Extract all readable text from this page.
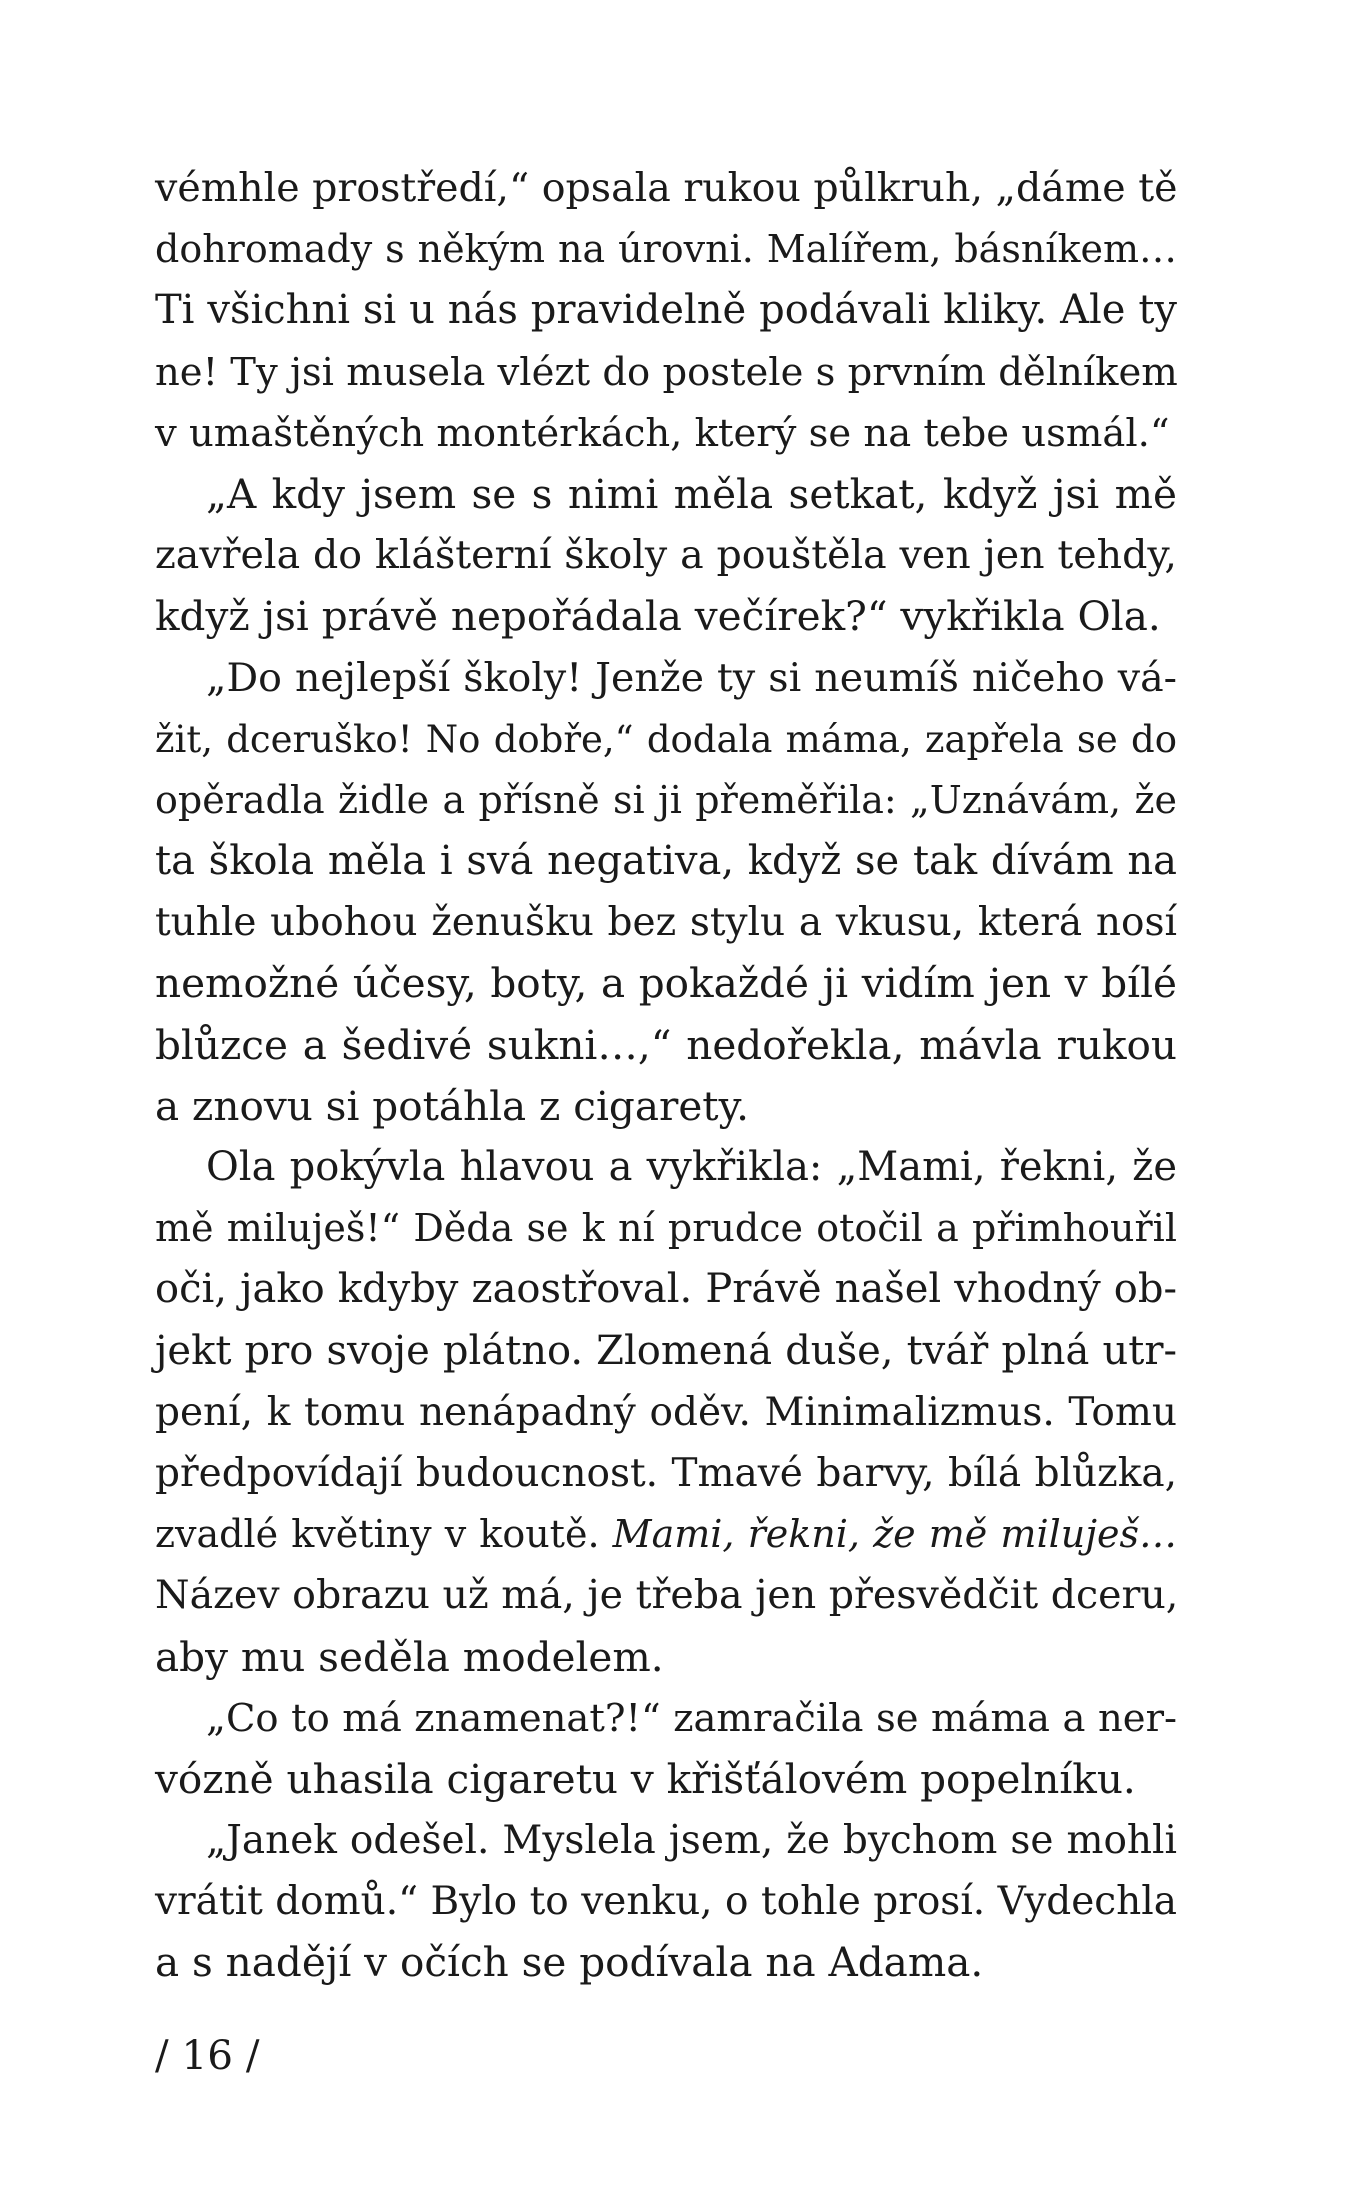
vémhle prostředí,“ opsala rukou půlkruh, „dáme tě
dohromady s někým na úrovni. Malířem, básníkem…
Ti všichni si u nás pravidelně podávali kliky. Ale ty
ne! Ty jsi musela vlézt do postele s prvním dělníkem
v umaštěných montérkách, který se na tebe usmál.“
„A kdy jsem se s nimi měla setkat, když jsi mě
zavřela do klášterní školy a pouštěla ven jen tehdy,
když jsi právě nepořádala večírek?“ vykřikla Ola.
„Do nejlepší školy! Jenže ty si neumíš ničeho vá-
žit, dceruško! No dobře,“ dodala máma, zapřela se do
opěradla židle a přísně si ji přeměřila: „Uznávám, že
ta škola měla i svá negativa, když se tak dívám na
tuhle ubohou ženušku bez stylu a vkusu, která nosí
nemožné účesy, boty, a pokaždé ji vidím jen v bílé
blůzce a šedivé sukni…,“ nedořekla, mávla rukou
a znovu si potáhla z cigarety.
Ola pokývla hlavou a vykřikla: „Mami, řekni, že
mě miluješ!“ Děda se k ní prudce otočil a přimhouřil
oči, jako kdyby zaostřoval. Právě našel vhodný ob-
jekt pro svoje plátno. Zlomená duše, tvář plná utr-
pení, k tomu nenápadný oděv. Minimalizmus. Tomu
předpovídají budoucnost. Tmavé barvy, bílá blůzka,
zvadlé květiny v koutě. Mami, řekni, že mě miluješ…
Název obrazu už má, je třeba jen přesvědčit dceru,
aby mu seděla modelem.
„Co to má znamenat?!“ zamračila se máma a ner-
vózně uhasila cigaretu v křišťálovém popelníku.
„Janek odešel. Myslela jsem, že bychom se mohli
vrátit domů.“ Bylo to venku, o tohle prosí. Vydechla
a s nadějí v očích se podívala na Adama.
/ 16 /
